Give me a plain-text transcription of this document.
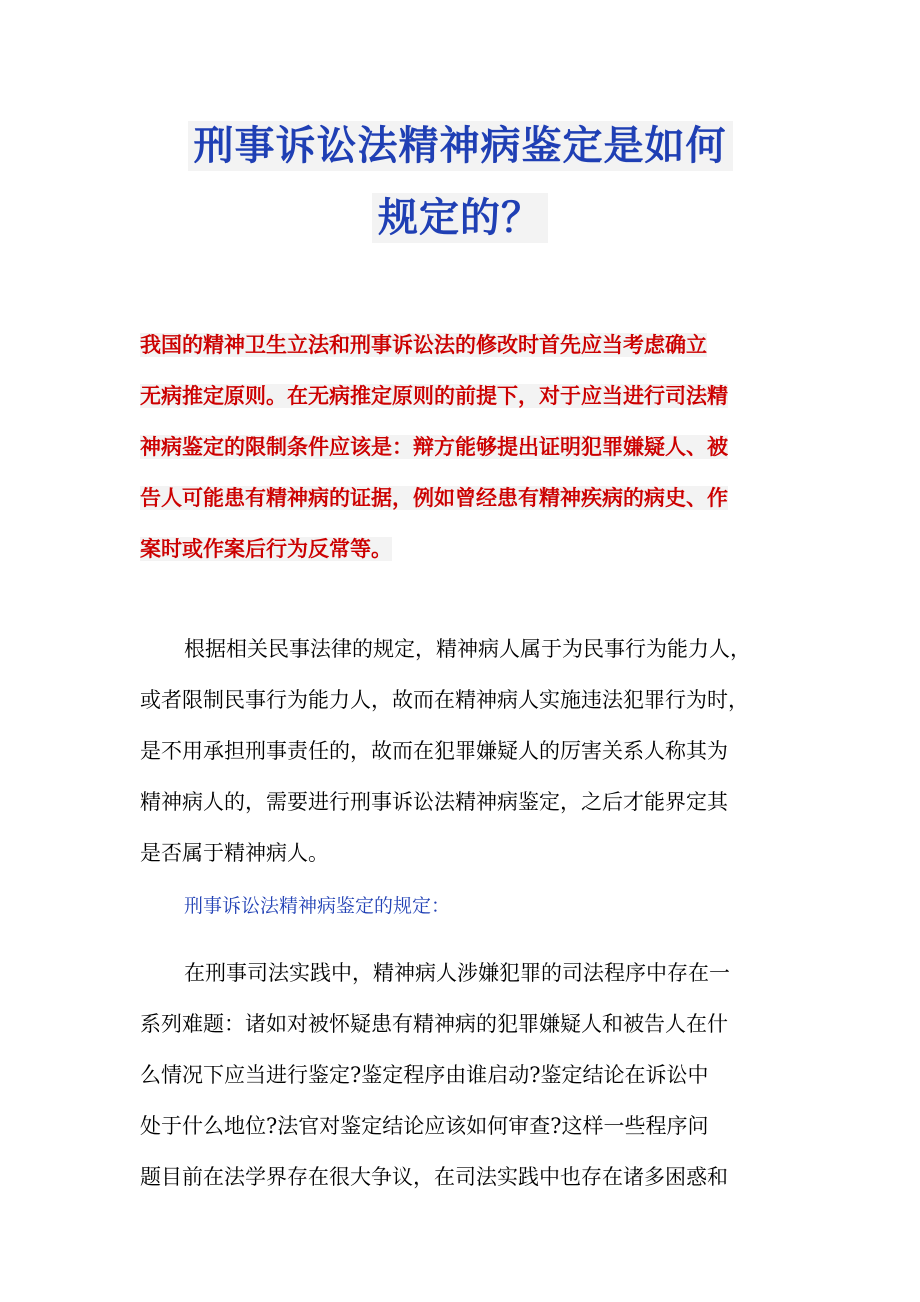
刑事诉讼法精神病鉴定是如何
规定的？
我国的精神卫生立法和刑事诉讼法的修改时首先应当考虑确立
无病推定原则。在无病推定原则的前提下，对于应当进行司法精
神病鉴定的限制条件应该是：辩方能够提出证明犯罪嫌疑人、被
告人可能患有精神病的证据，例如曾经患有精神疾病的病史、作
案时或作案后行为反常等。
根据相关民事法律的规定，精神病人属于为民事行为能力人，
或者限制民事行为能力人，故而在精神病人实施违法犯罪行为时，
是不用承担刑事责任的，故而在犯罪嫌疑人的厉害关系人称其为
精神病人的，需要进行刑事诉讼法精神病鉴定，之后才能界定其
是否属于精神病人。
刑事诉讼法精神病鉴定的规定：
在刑事司法实践中，精神病人涉嫌犯罪的司法程序中存在一
系列难题：诸如对被怀疑患有精神病的犯罪嫌疑人和被告人在什
么情况下应当进行鉴定?鉴定程序由谁启动?鉴定结论在诉讼中
处于什么地位?法官对鉴定结论应该如何审查?这样一些程序问
题目前在法学界存在很大争议，在司法实践中也存在诸多困惑和
